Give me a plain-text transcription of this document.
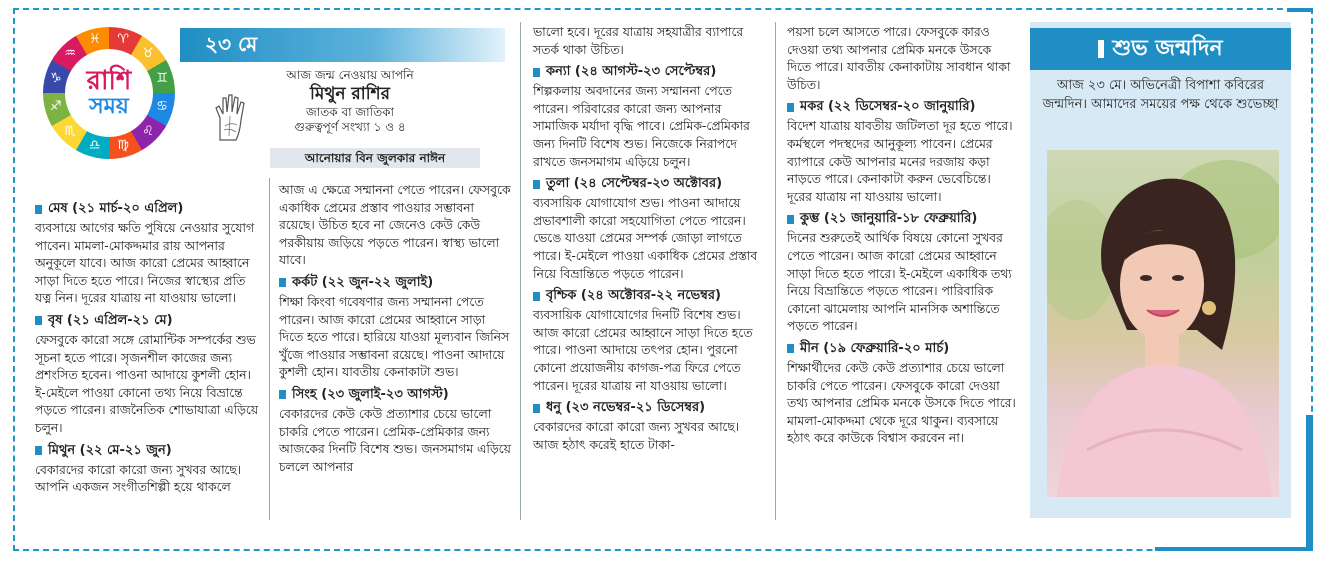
♈
♉
♊
♋
♌
♍
♎
♏
♐
♑
♒
♓
রাশি
সময়
২৩ মে
আজ জন্ম নেওয়ায় আপনি
মিথুন রাশির
জাতক বা জাতিকা
গুরুত্বপূর্ণ সংখ্যা ১ ও ৪
আনোয়ার বিন জুলকার নাঈন
মেষ (২১ মার্চ-২০ এপ্রিল)

ব্যবসায়ে আগের ক্ষতি পুষিয়ে নেওয়ার সুযোগ পাবেন। মামলা-মোকদ্দমার রায় আপনার অনুকূলে যাবে। আজ কারো প্রেমের আহ্বানে সাড়া দিতে হতে পারে। নিজের স্বাস্থ্যের প্রতি যত্ন নিন। দূরের যাত্রায় না যাওয়ায় ভালো।

বৃষ (২১ এপ্রিল-২১ মে)

ফেসবুকে কারো সঙ্গে রোমান্টিক সম্পর্কের শুভ সূচনা হতে পারে। সৃজনশীল কাজের জন্য প্রশংসিত হবেন। পাওনা আদায়ে কুশলী হোন। ই-মেইলে পাওয়া কোনো তথ্য নিয়ে বিভ্রান্তে পড়তে পারেন। রাজনৈতিক শোভাযাত্রা এড়িয়ে চলুন।

মিথুন (২২ মে-২১ জুন)

বেকারদের কারো কারো জন্য সুখবর আছে। আপনি একজন সংগীতশিল্পী হয়ে থাকলে

আজ এ ক্ষেত্রে সম্মাননা পেতে পারেন। ফেসবুকে একাধিক প্রেমের প্রস্তাব পাওয়ার সম্ভাবনা রয়েছে। উচিত হবে না জেনেও কেউ কেউ পরকীয়ায় জড়িয়ে পড়তে পারেন। স্বাস্থ্য ভালো যাবে।

কর্কট (২২ জুন-২২ জুলাই)

শিক্ষা কিংবা গবেষণার জন্য সম্মাননা পেতে পারেন। আজ কারো প্রেমের আহ্বানে সাড়া দিতে হতে পারে। হারিয়ে যাওয়া মূল্যবান জিনিস খুঁজে পাওয়ার সম্ভাবনা রয়েছে। পাওনা আদায়ে কুশলী হোন। যাবতীয় কেনাকাটা শুভ।

সিংহ (২৩ জুলাই-২৩ আগস্ট)

বেকারদের কেউ কেউ প্রত্যাশার চেয়ে ভালো চাকরি পেতে পারেন। প্রেমিক-প্রেমিকার জন্য আজকের দিনটি বিশেষ শুভ। জনসমাগম এড়িয়ে চললে আপনার

ভালো হবে। দূরের যাত্রায় সহযাত্রীর ব্যাপারে সতর্ক থাকা উচিত।

কন্যা (২৪ আগস্ট-২৩ সেপ্টেম্বর)

শিল্পকলায় অবদানের জন্য সম্মাননা পেতে পারেন। পরিবারের কারো জন্য আপনার সামাজিক মর্যাদা বৃদ্ধি পাবে। প্রেমিক-প্রেমিকার জন্য দিনটি বিশেষ শুভ। নিজেকে নিরাপদে রাখতে জনসমাগম এড়িয়ে চলুন।

তুলা (২৪ সেপ্টেম্বর-২৩ অক্টোবর)

ব্যবসায়িক যোগাযোগ শুভ। পাওনা আদায়ে প্রভাবশালী কারো সহযোগিতা পেতে পারেন। ভেঙে যাওয়া প্রেমের সম্পর্ক জোড়া লাগতে পারে। ই-মেইলে পাওয়া একাধিক প্রেমের প্রস্তাব নিয়ে বিভ্রান্তিতে পড়তে পারেন।

বৃশ্চিক (২৪ অক্টোবর-২২ নভেম্বর)

ব্যবসায়িক যোগাযোগের দিনটি বিশেষ শুভ। আজ কারো প্রেমের আহ্বানে সাড়া দিতে হতে পারে। পাওনা আদায়ে তৎপর হোন। পুরনো কোনো প্রয়োজনীয় কাগজ-পত্র ফিরে পেতে পারেন। দূরের যাত্রায় না যাওয়ায় ভালো।

ধনু (২৩ নভেম্বর-২১ ডিসেম্বর)

বেকারদের কারো কারো জন্য সুখবর আছে। আজ হঠাৎ করেই হাতে টাকা-

পয়সা চলে আসতে পারে। ফেসবুকে কারও দেওয়া তথ্য আপনার প্রেমিক মনকে উসকে দিতে পারে। যাবতীয় কেনাকাটায় সাবধান থাকা উচিত।

মকর (২২ ডিসেম্বর-২০ জানুয়ারি)

বিদেশ যাত্রায় যাবতীয় জটিলতা দূর হতে পারে। কর্মস্থলে পদস্থদের আনুকূল্য পাবেন। প্রেমের ব্যাপারে কেউ আপনার মনের দরজায় কড়া নাড়তে পারে। কেনাকাটা করুন ভেবেচিন্তে। দূরের যাত্রায় না যাওয়ায় ভালো।

কুম্ভ (২১ জানুয়ারি-১৮ ফেব্রুয়ারি)

দিনের শুরুতেই আর্থিক বিষয়ে কোনো সুখবর পেতে পারেন। আজ কারো প্রেমের আহ্বানে সাড়া দিতে হতে পারে। ই-মেইলে একাধিক তথ্য নিয়ে বিভ্রান্তিতে পড়তে পারেন। পারিবারিক কোনো ঝামেলায় আপনি মানসিক অশান্তিতে পড়তে পারেন।

মীন (১৯ ফেব্রুয়ারি-২০ মার্চ)

শিক্ষার্থীদের কেউ কেউ প্রত্যাশার চেয়ে ভালো চাকরি পেতে পারেন। ফেসবুকে কারো দেওয়া তথ্য আপনার প্রেমিক মনকে উসকে দিতে পারে। মামলা-মোকদ্দমা থেকে দূরে থাকুন। ব্যবসায়ে হঠাৎ করে কাউকে বিশ্বাস করবেন না।

শুভ জন্মদিন
আজ ২৩ মে। অভিনেত্রী বিপাশা কবিরের জন্মদিন। আমাদের সময়ের পক্ষ থেকে শুভেচ্ছা
